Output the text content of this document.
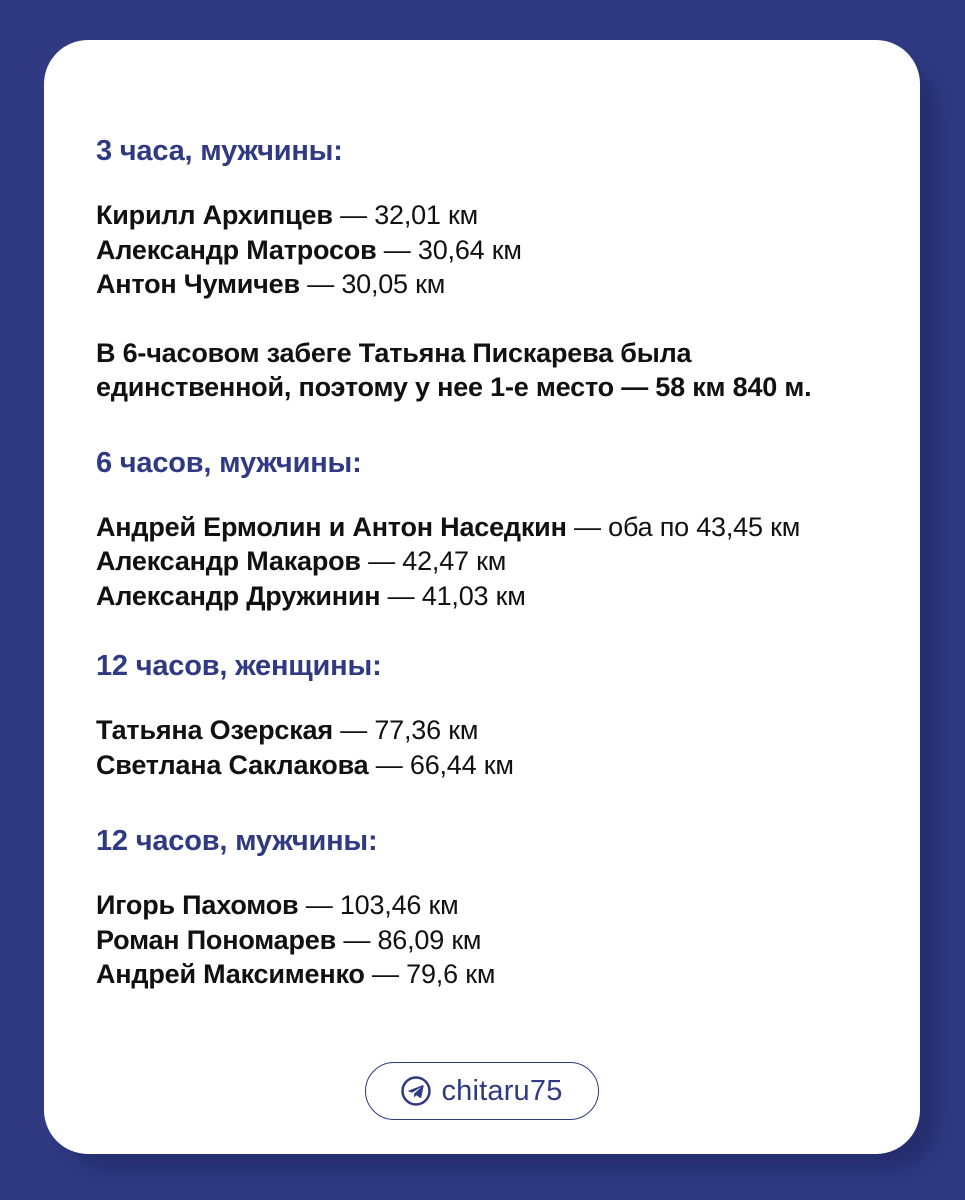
3 часа, мужчины:
Кирилл Архипцев — 32,01 км
Александр Матросов — 30,64 км
Антон Чумичев — 30,05 км
В 6-часовом забеге Татьяна Пискарева была единственной, поэтому у нее 1-е место — 58 км 840 м.
6 часов, мужчины:
Андрей Ермолин и Антон Наседкин — оба по 43,45 км
Александр Макаров — 42,47 км
Александр Дружинин — 41,03 км
12 часов, женщины:
Татьяна Озерская — 77,36 км
Светлана Саклакова — 66,44 км
12 часов, мужчины:
Игорь Пахомов — 103,46 км
Роман Пономарев — 86,09 км
Андрей Максименко — 79,6 км
chitaru75
